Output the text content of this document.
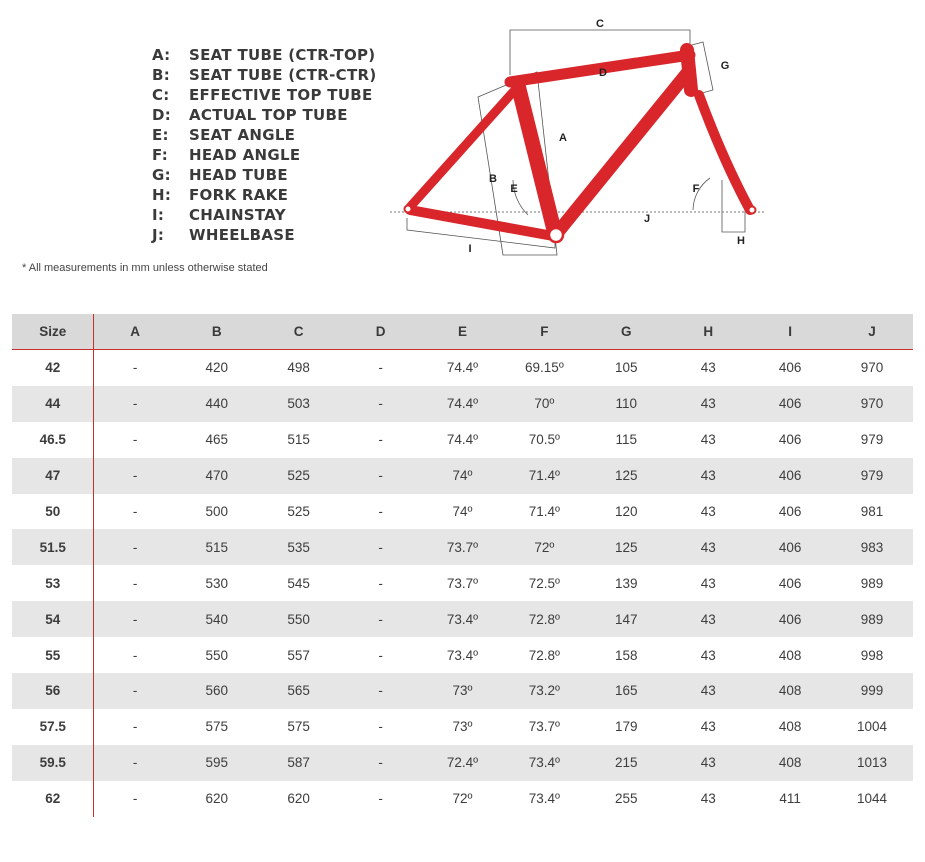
A: SEAT TUBE (CTR-TOP)
B: SEAT TUBE (CTR-CTR)
C: EFFECTIVE TOP TUBE
D: ACTUAL TOP TUBE
E: SEAT ANGLE
F: HEAD ANGLE
G: HEAD TUBE
H: FORK RAKE
I: CHAINSTAY
J: WHEELBASE
* All measurements in mm unless otherwise stated
C
D
A
B
E	F
G
H
I
J
Size	A	B	C	D	E	F	G	H	I	J
42	-	420	498	-	74.4º	69.15º	105	43	406	970
44	-	440	503	-	74.4º	70º	110	43	406	970
46.5	-	465	515	-	74.4º	70.5º	115	43	406	979
47	-	470	525	-	74º	71.4º	125	43	406	979
50	-	500	525	-	74º	71.4º	120	43	406	981
51.5	-	515	535	-	73.7º	72º	125	43	406	983
53	-	530	545	-	73.7º	72.5º	139	43	406	989
54	-	540	550	-	73.4º	72.8º	147	43	406	989
55	-	550	557	-	73.4º	72.8º	158	43	408	998
56	-	560	565	-	73º	73.2º	165	43	408	999
57.5	-	575	575	-	73º	73.7º	179	43	408	1004
59.5	-	595	587	-	72.4º	73.4º	215	43	408	1013
62	-	620	620	-	72º	73.4º	255	43	411	1044
